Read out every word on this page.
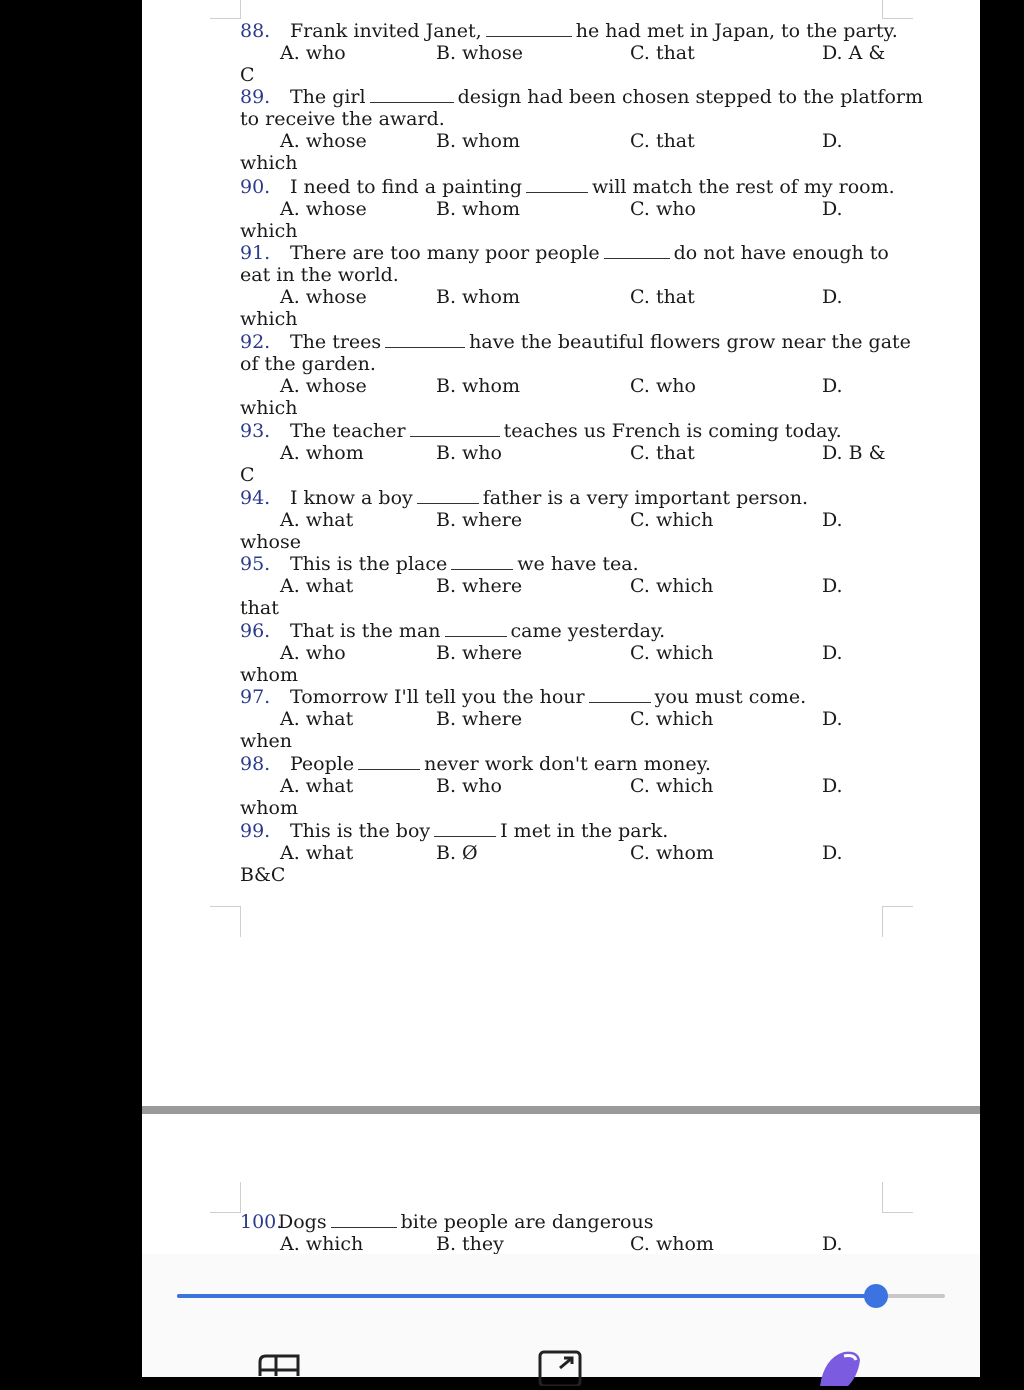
88. Frank invited Janet,	he had met in Japan, to the party.
A. who	B. whose	C. that	D. A &
C
89. The girl	design had been chosen stepped to the platform
to receive the award.
A. whose	B. whom	C. that	D.
which
90. I need to find a painting	will match the rest of my room.
A. whose	B. whom	C. who	D.
which
91. There are too many poor people	do not have enough to
eat in the world.
A. whose	B. whom	C. that	D.
which
92. The trees	have the beautiful flowers grow near the gate
of the garden.
A. whose	B. whom	C. who	D.
which
93. The teacher	teaches us French is coming today.
A. whom	B. who	C. that	D. B &
C
94. I know a boy	father is a very important person.
A. what	B. where	C. which	D.
whose
95. This is the place	we have tea.
A. what	B. where	C. which	D.
that
96. That is the man	came yesterday.
A. who	B. where	C. which	D.
whom
97. Tomorrow I'll tell you the hour	you must come.
A. what	B. where	C. which	D.
when
98. People	never work don't earn money.
A. what	B. who	C. which	D.
whom
99. This is the boy	I met in the park.
A. what	B. Ø	C. whom	D.
B&C
100.Dogs	bite people are dangerous
A. which	B. they	C. whom	D.
